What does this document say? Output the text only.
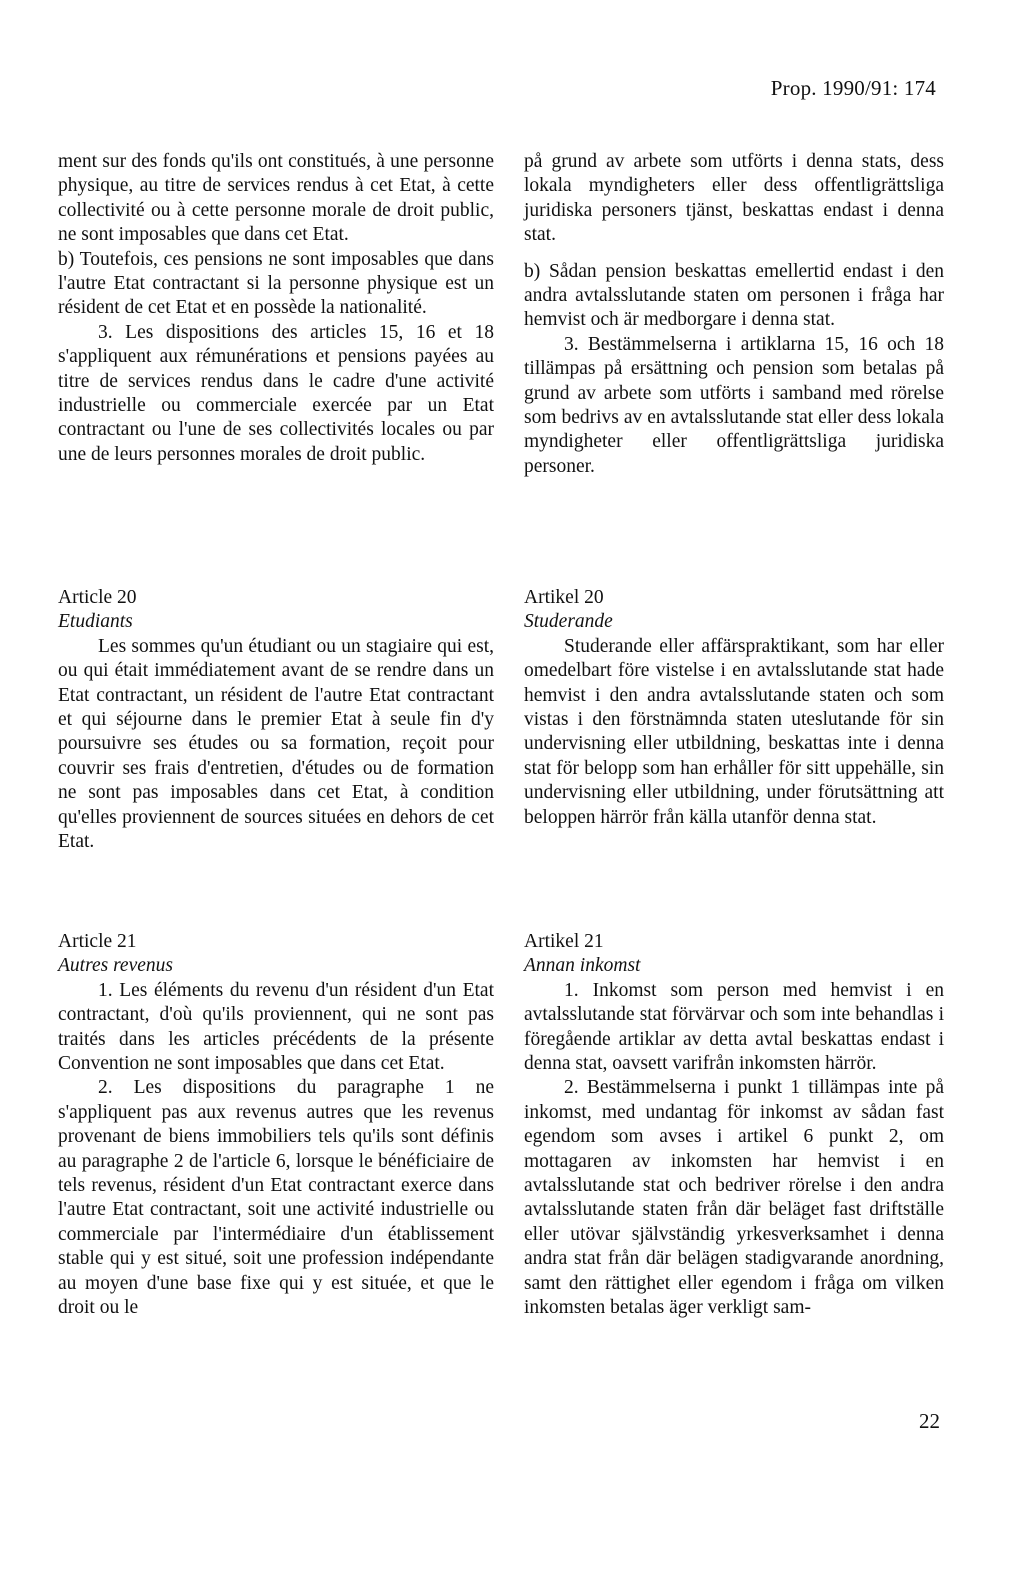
Prop. 1990/91: 174

ment sur des fonds qu'ils ont constitués, à une personne physique, au titre de services rendus à cet Etat, à cette collectivité ou à cette personne morale de droit public, ne sont imposables que dans cet Etat.

b) Toutefois, ces pensions ne sont imposables que dans l'autre Etat contractant si la personne physique est un résident de cet Etat et en possède la nationalité.

3. Les dispositions des articles 15, 16 et 18 s'appliquent aux rémunérations et pensions payées au titre de services rendus dans le cadre d'une activité industrielle ou commerciale exercée par un Etat contractant ou l'une de ses collectivités locales ou par une de leurs personnes morales de droit public.

Article 20

Etudiants

Les sommes qu'un étudiant ou un stagiaire qui est, ou qui était immédiatement avant de se rendre dans un Etat contractant, un résident de l'autre Etat contractant et qui séjourne dans le premier Etat à seule fin d'y poursuivre ses études ou sa formation, reçoit pour couvrir ses frais d'entretien, d'études ou de formation ne sont pas imposables dans cet Etat, à condition qu'elles proviennent de sources situées en dehors de cet Etat.

Article 21

Autres revenus

1. Les éléments du revenu d'un résident d'un Etat contractant, d'où qu'ils proviennent, qui ne sont pas traités dans les articles précédents de la présente Convention ne sont imposables que dans cet Etat.

2. Les dispositions du paragraphe 1 ne s'appliquent pas aux revenus autres que les revenus provenant de biens immobiliers tels qu'ils sont définis au paragraphe 2 de l'article 6, lorsque le bénéficiaire de tels revenus, résident d'un Etat contractant exerce dans l'autre Etat contractant, soit une activité industrielle ou commerciale par l'intermédiaire d'un établissement stable qui y est situé, soit une profession indépendante au moyen d'une base fixe qui y est située, et que le droit ou le

på grund av arbete som utförts i denna stats, dess lokala myndigheters eller dess offentligrättsliga juridiska personers tjänst, beskattas endast i denna stat.

b) Sådan pension beskattas emellertid endast i den andra avtalsslutande staten om personen i fråga har hemvist och är medborgare i denna stat.

3. Bestämmelserna i artiklarna 15, 16 och 18 tillämpas på ersättning och pension som betalas på grund av arbete som utförts i samband med rörelse som bedrivs av en avtalsslutande stat eller dess lokala myndigheter eller offentligrättsliga juridiska personer.

Artikel 20

Studerande

Studerande eller affärspraktikant, som har eller omedelbart före vistelse i en avtalsslutande stat hade hemvist i den andra avtalsslutande staten och som vistas i den förstnämnda staten uteslutande för sin undervisning eller utbildning, beskattas inte i denna stat för belopp som han erhåller för sitt uppehälle, sin undervisning eller utbildning, under förutsättning att beloppen härrör från källa utanför denna stat.

Artikel 21

Annan inkomst

1. Inkomst som person med hemvist i en avtalsslutande stat förvärvar och som inte behandlas i föregående artiklar av detta avtal beskattas endast i denna stat, oavsett varifrån inkomsten härrör.

2. Bestämmelserna i punkt 1 tillämpas inte på inkomst, med undantag för inkomst av sådan fast egendom som avses i artikel 6 punkt 2, om mottagaren av inkomsten har hemvist i en avtalsslutande stat och bedriver rörelse i den andra avtalsslutande staten från där beläget fast driftställe eller utövar självständig yrkesverksamhet i denna andra stat från där belägen stadigvarande anordning, samt den rättighet eller egendom i fråga om vilken inkomsten betalas äger verkligt sam-

22
